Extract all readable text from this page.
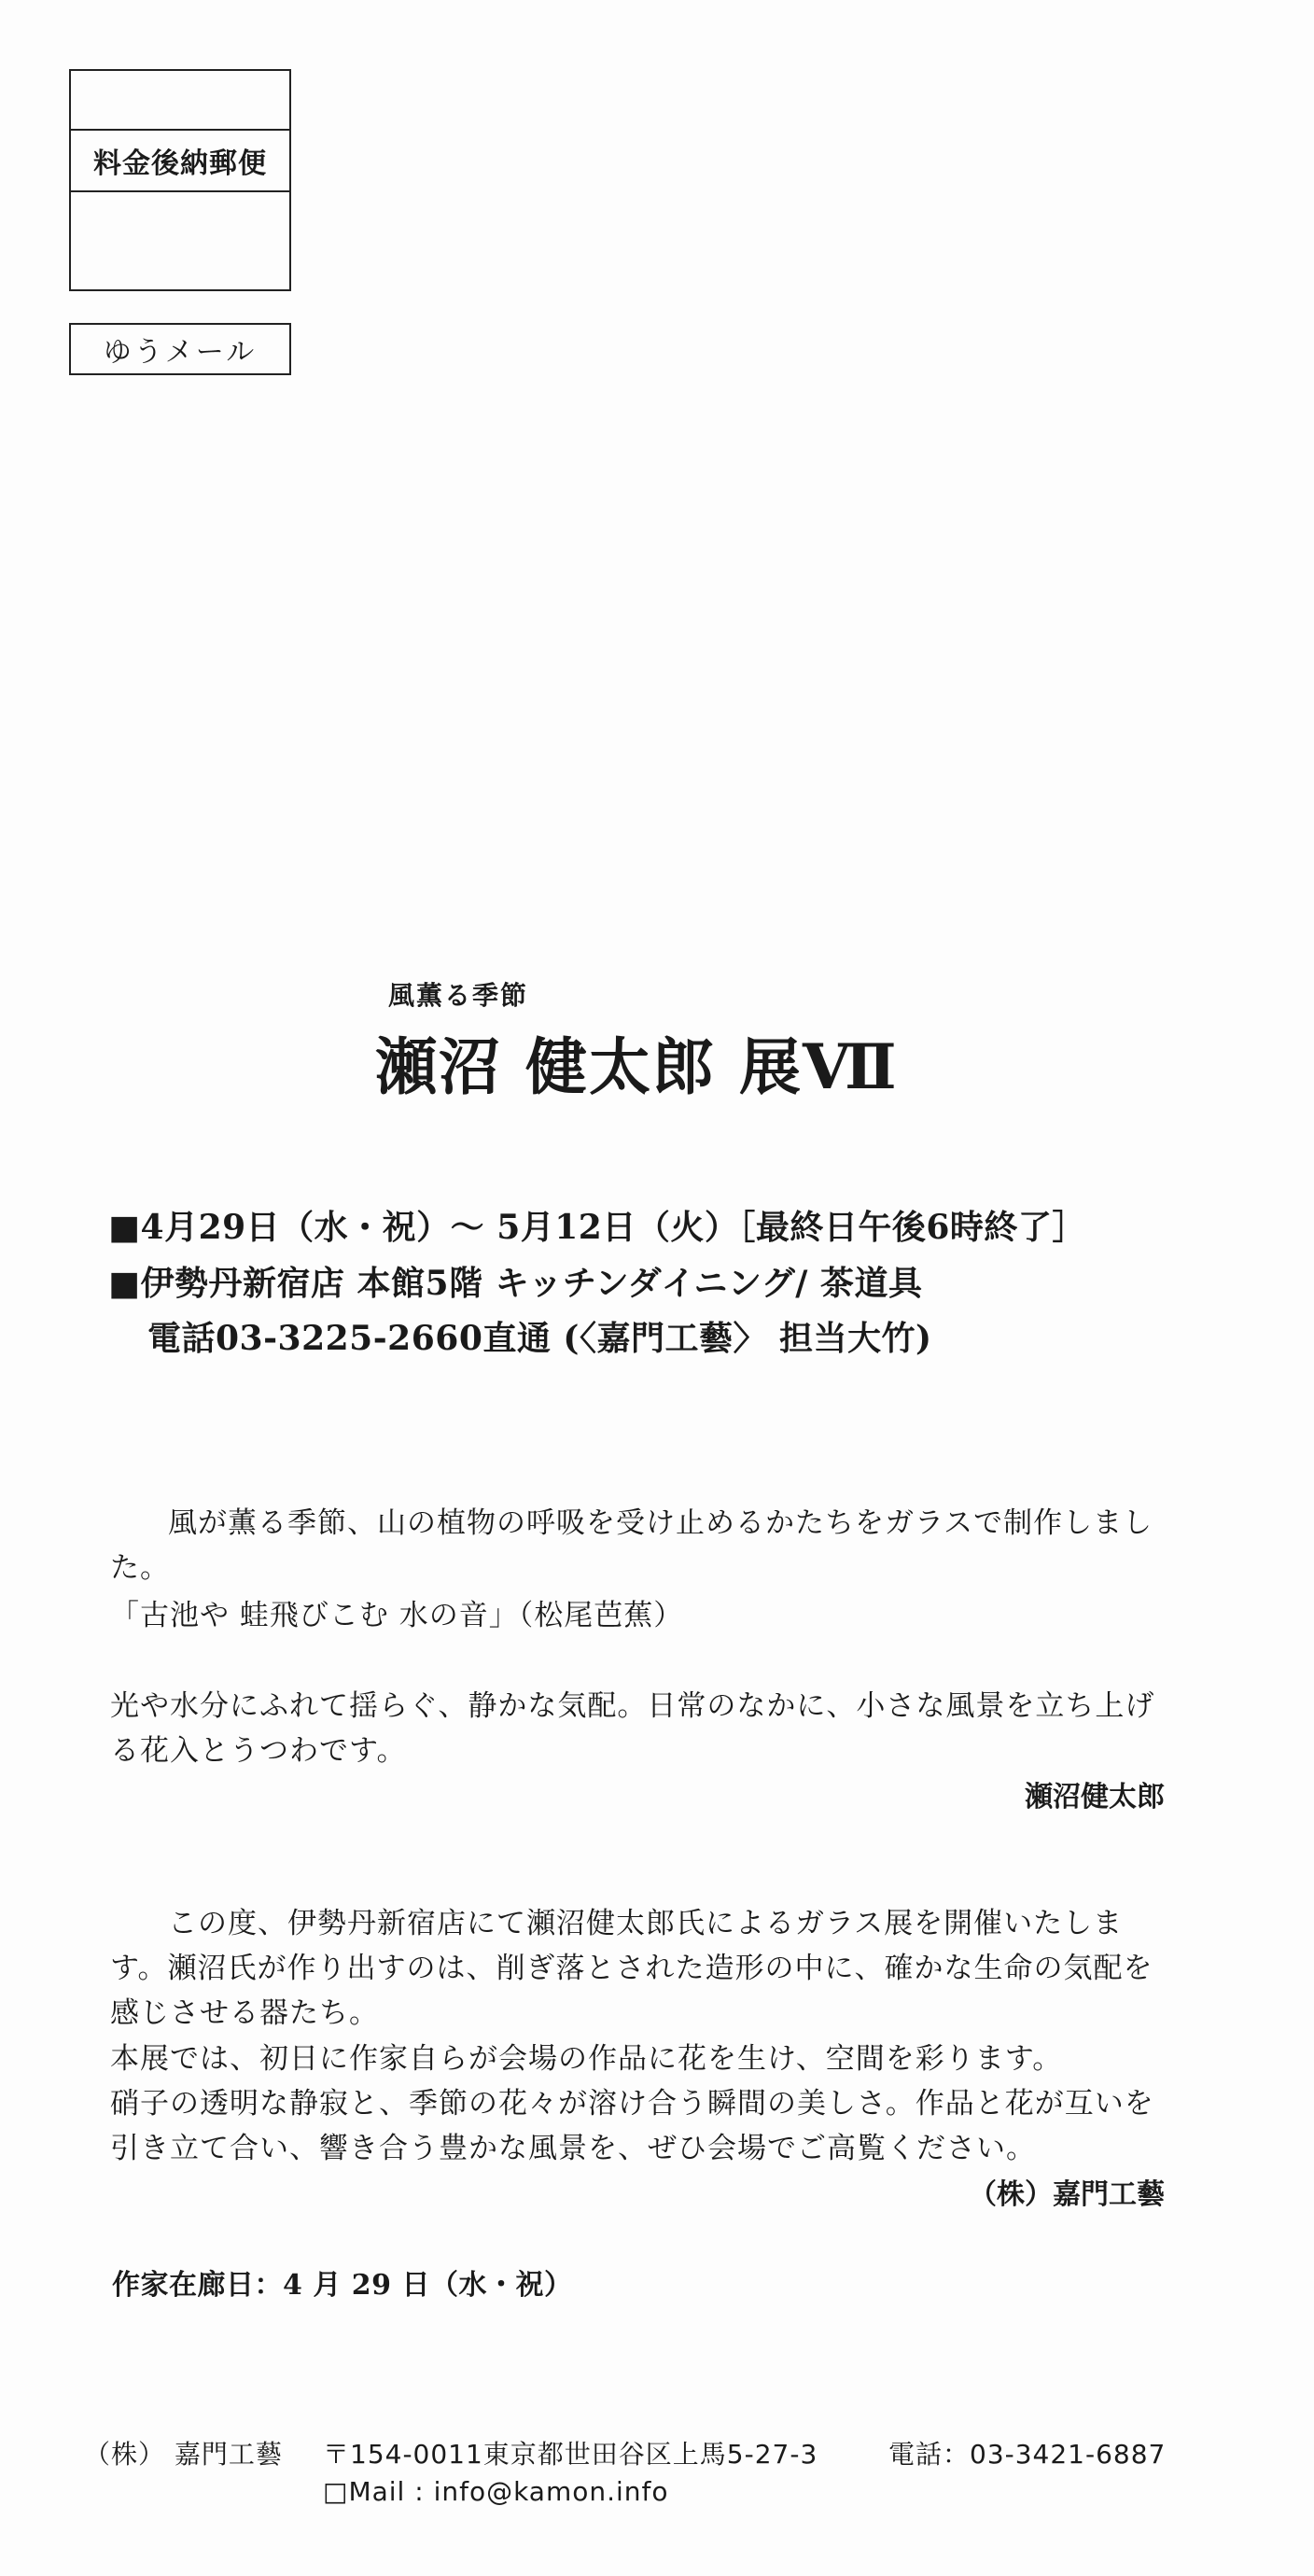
料金後納郵便
ゆうメール
風薫る季節
瀬沼 健太郎 展Ⅶ
■4月29日（水・祝）～ 5月12日（火）［最終日午後6時終了］
■伊勢丹新宿店 本館5階 キッチンダイニング/ 茶道具
電話03-3225-2660直通 (〈嘉門工藝〉 担当大竹)
風が薫る季節、山の植物の呼吸を受け止めるかたちをガラスで制作しました。
「古池や 蛙飛びこむ 水の音」（松尾芭蕉）
光や水分にふれて揺らぐ、静かな気配。日常のなかに、小さな風景を立ち上げる花入とうつわです。
瀬沼健太郎
この度、伊勢丹新宿店にて瀬沼健太郎氏によるガラス展を開催いたします。瀬沼氏が作り出すのは、削ぎ落とされた造形の中に、確かな生命の気配を感じさせる器たち。
本展では、初日に作家自らが会場の作品に花を生け、空間を彩ります。
硝子の透明な静寂と、季節の花々が溶け合う瞬間の美しさ。作品と花が互いを引き立て合い、響き合う豊かな風景を、ぜひ会場でご高覧ください。
（株）嘉門工藝
作家在廊日：4 月 29 日（水・祝）
（株） 嘉門工藝 〒154-0011東京都世田谷区上馬5-27-3	電話：03-3421-6887
□Mail : info@kamon.info
